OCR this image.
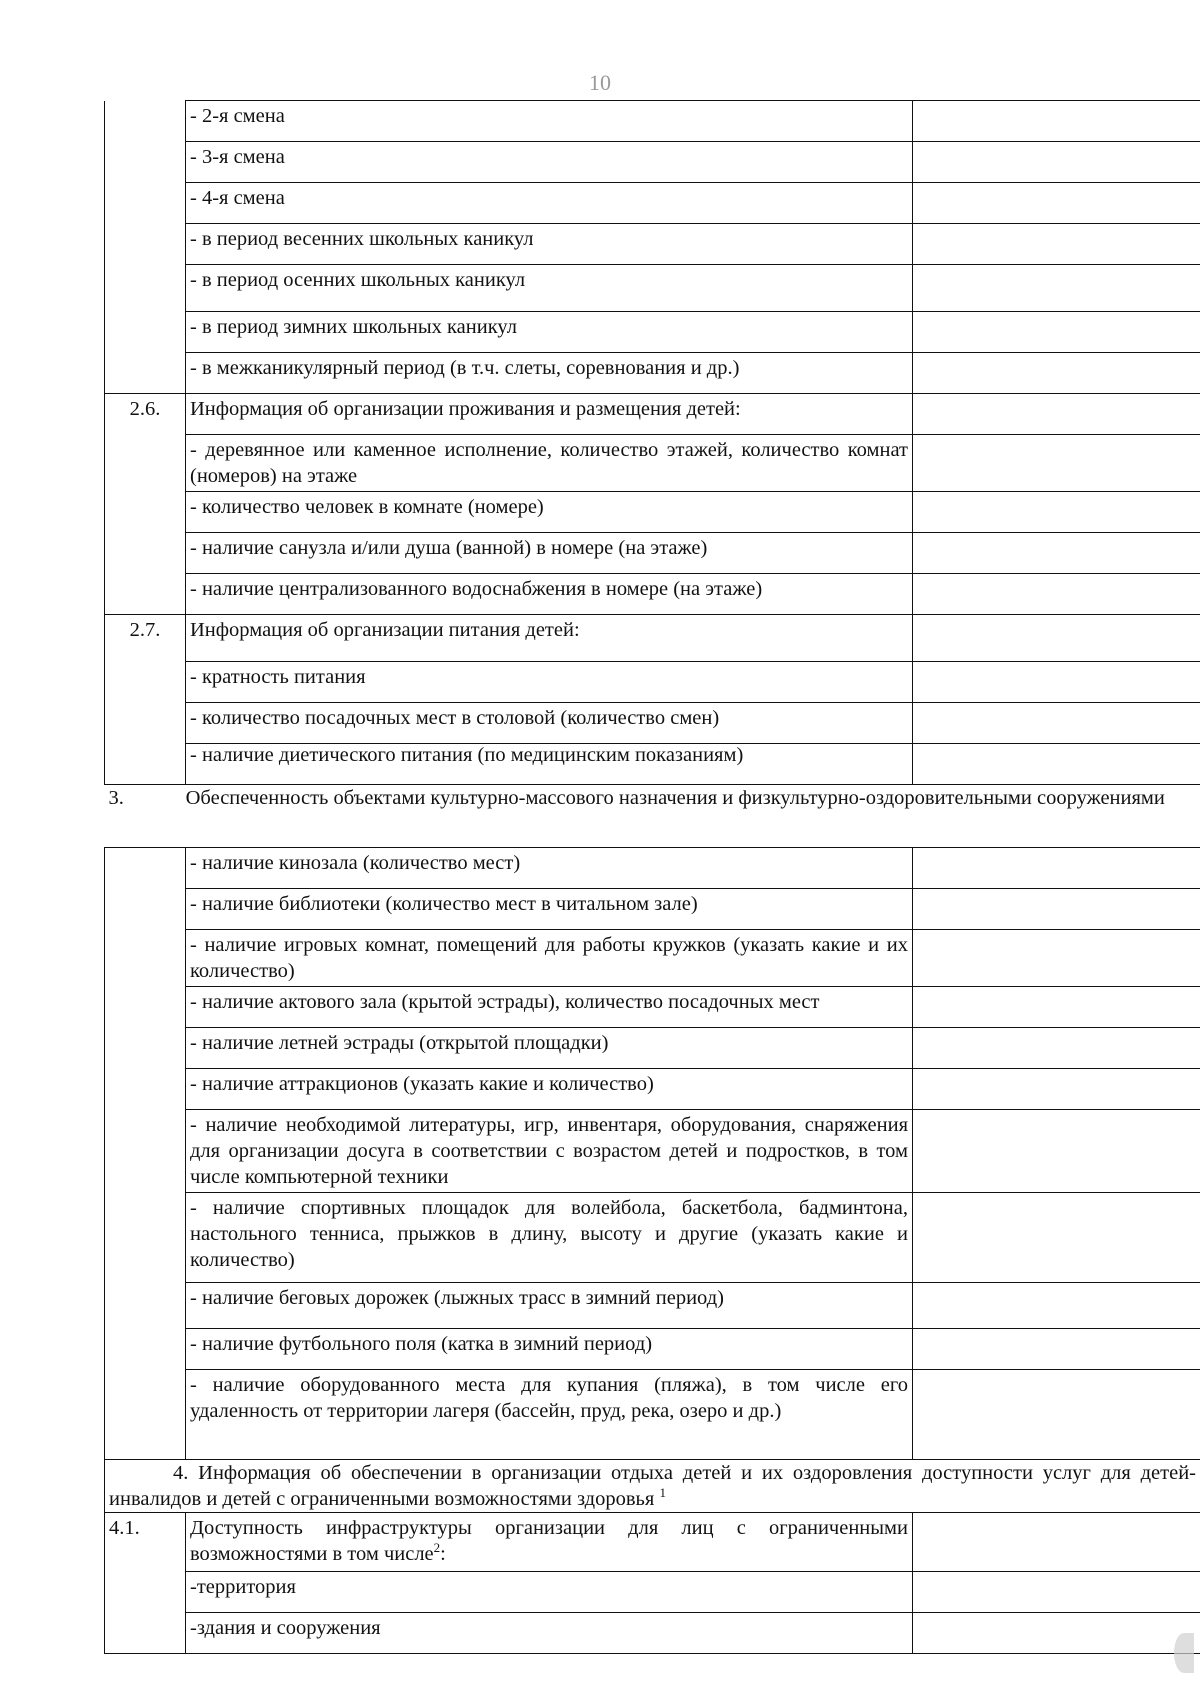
10
	- 2-я смена	
	- 3-я смена	
	- 4-я смена	
	- в период весенних школьных каникул	
	- в период осенних школьных каникул	
	- в период зимних школьных каникул	
	- в межканикулярный период (в т.ч. слеты, соревнования и др.)	
2.6.	Информация об организации проживания и размещения детей:	
	- деревянное или каменное исполнение, количество этажей, количество комнат (номеров) на этаже	
	- количество человек в комнате (номере)	
	- наличие санузла и/или душа (ванной) в номере (на этаже)	
	- наличие централизованного водоснабжения в номере (на этаже)	
2.7.	Информация об организации питания детей:	
	- кратность питания	
	- количество посадочных мест в столовой (количество смен)	
	- наличие диетического питания (по медицинским показаниям)	
3. Обеспеченность объектами культурно-массового назначения и физкультурно-оздоровительными сооружениями		
	- наличие кинозала (количество мест)	
	- наличие библиотеки (количество мест в читальном зале)	
	- наличие игровых комнат, помещений для работы кружков (указать какие и их количество)	
	- наличие актового зала (крытой эстрады), количество посадочных мест	
	- наличие летней эстрады (открытой площадки)	
	- наличие аттракционов (указать какие и количество)	
	- наличие необходимой литературы, игр, инвентаря, оборудования, снаряжения для организации досуга в соответствии с возрастом детей и подростков, в том числе компьютерной техники	
	- наличие спортивных площадок для волейбола, баскетбола, бадминтона, настольного тенниса, прыжков в длину, высоту и другие (указать какие и количество)	
	- наличие беговых дорожек (лыжных трасс в зимний период)	
	- наличие футбольного поля (катка в зимний период)	
	- наличие оборудованного места для купания (пляжа), в том числе его удаленность от территории лагеря (бассейн, пруд, река, озеро и др.)	
4. Информация об обеспечении в организации отдыха детей и их оздоровления доступности услуг для детей-инвалидов и детей с ограниченными возможностями здоровья $^1$
4.1.	Доступность инфраструктуры организации для лиц с ограниченными возможностями в том числе$^2$:	
	-территория	
	-здания и сооружения	
